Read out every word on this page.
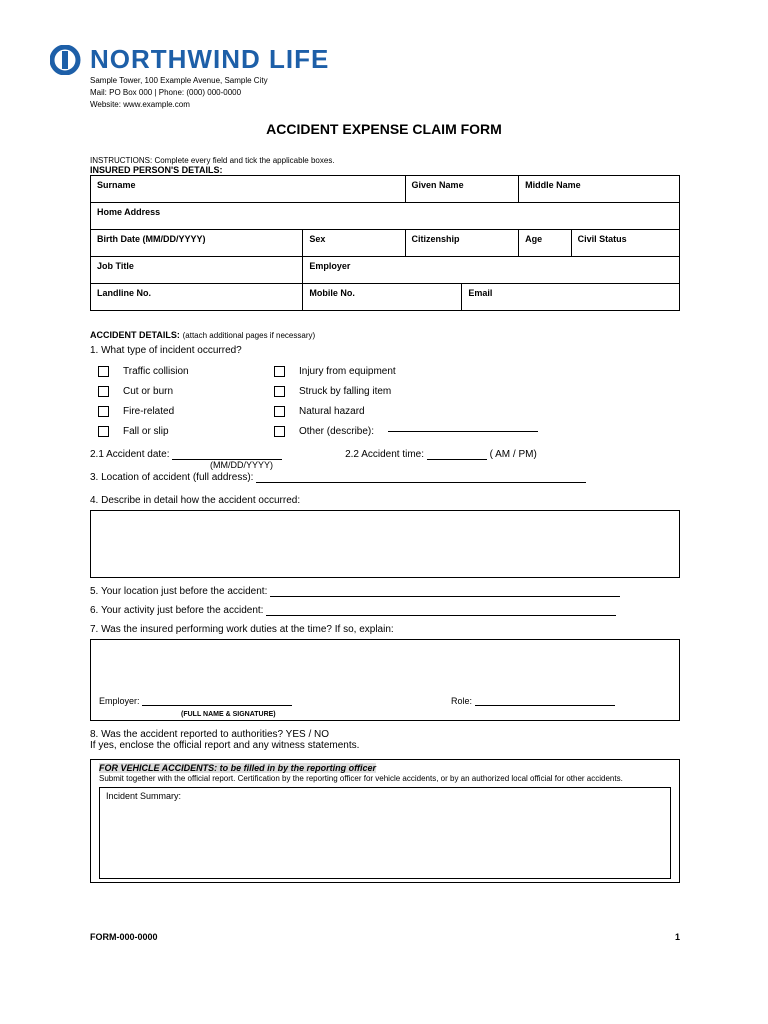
NORTHWIND LIFE
Sample Tower, 100 Example Avenue, Sample City
Mail: PO Box 000 | Phone: (000) 000-0000
Website: www.example.com
ACCIDENT EXPENSE CLAIM FORM
INSTRUCTIONS: Complete every field and tick the applicable boxes.
INSURED PERSON'S DETAILS:
Surname		Given Name		Middle Name	
Home Address					
Birth Date (MM/DD/YYYY)	Sex	Citizenship		Age	Civil Status
Job Title	Employer				
Landline No.	Mobile No.		Email		
ACCIDENT DETAILS: (attach additional pages if necessary)
1. What type of incident occurred?
Traffic collision	Injury from equipment
Cut or burn	Struck by falling item
Fire-related	Natural hazard
Fall or slip	Other (describe):
2.1 Accident date:	2.2 Accident time:	( AM / PM)
(MM/DD/YYYY)
3. Location of accident (full address):
4. Describe in detail how the accident occurred:
5. Your location just before the accident:
6. Your activity just before the accident:
7. Was the insured performing work duties at the time? If so, explain:
Employer:
(FULL NAME & SIGNATURE)
Role:
8. Was the accident reported to authorities? YES / NO
If yes, enclose the official report and any witness statements.
FOR VEHICLE ACCIDENTS: to be filled in by the reporting officer
Submit together with the official report. Certification by the reporting officer for vehicle accidents, or by an authorized local official for other accidents.
Incident Summary:
FORM-000-0000	1
